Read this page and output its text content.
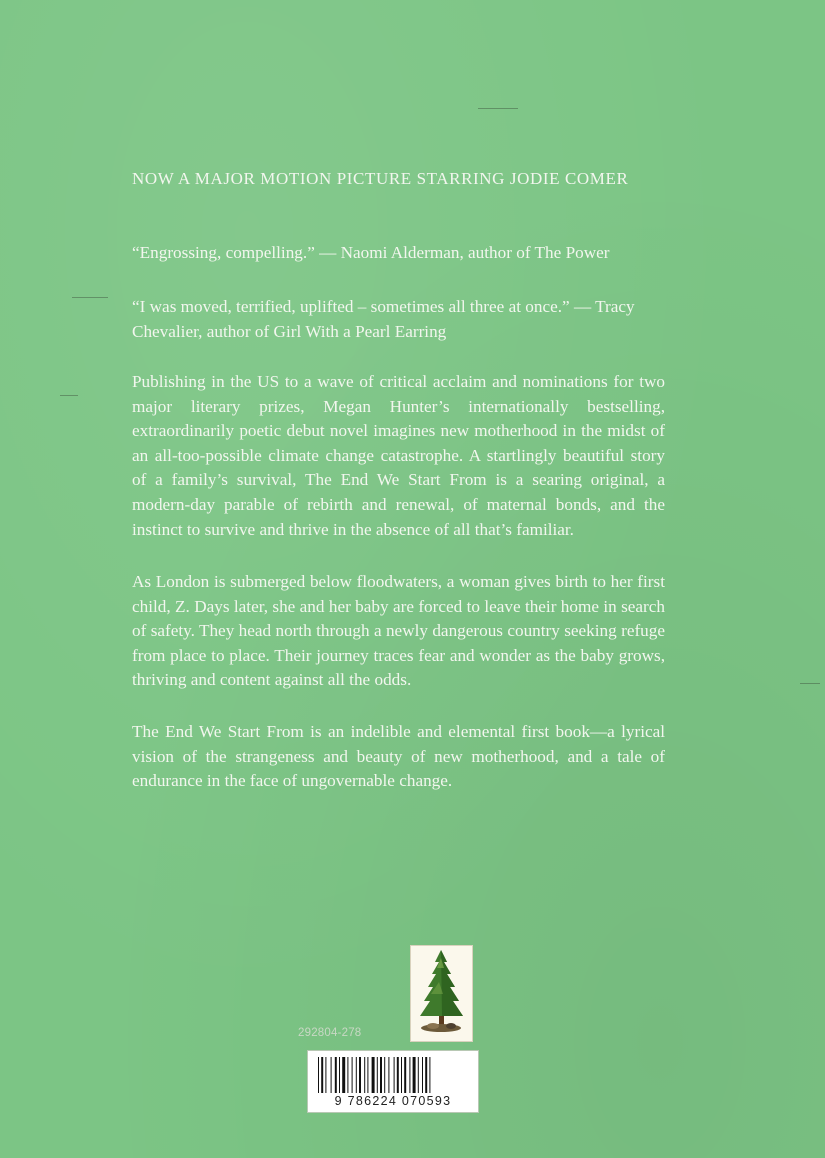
NOW A MAJOR MOTION PICTURE STARRING JODIE COMER

“Engrossing, compelling.” — Naomi Alderman, author of The Power

“I was moved, terrified, uplifted – sometimes all three at once.” — Tracy Chevalier, author of Girl With a Pearl Earring

Publishing in the US to a wave of critical acclaim and nominations for two major literary prizes, Megan Hunter’s internationally bestselling, extraordinarily poetic debut novel imagines new motherhood in the midst of an all-too-possible climate change catastrophe. A startlingly beautiful story of a family’s survival, The End We Start From is a searing original, a modern-day parable of rebirth and renewal, of maternal bonds, and the instinct to survive and thrive in the absence of all that’s familiar.

As London is submerged below floodwaters, a woman gives birth to her first child, Z. Days later, she and her baby are forced to leave their home in search of safety. They head north through a newly dangerous country seeking refuge from place to place. Their journey traces fear and wonder as the baby grows, thriving and content against all the odds.

The End We Start From is an indelible and elemental first book—a lyrical vision of the strangeness and beauty of new motherhood, and a tale of endurance in the face of ungovernable change.

292804-278
9 786224 070593
